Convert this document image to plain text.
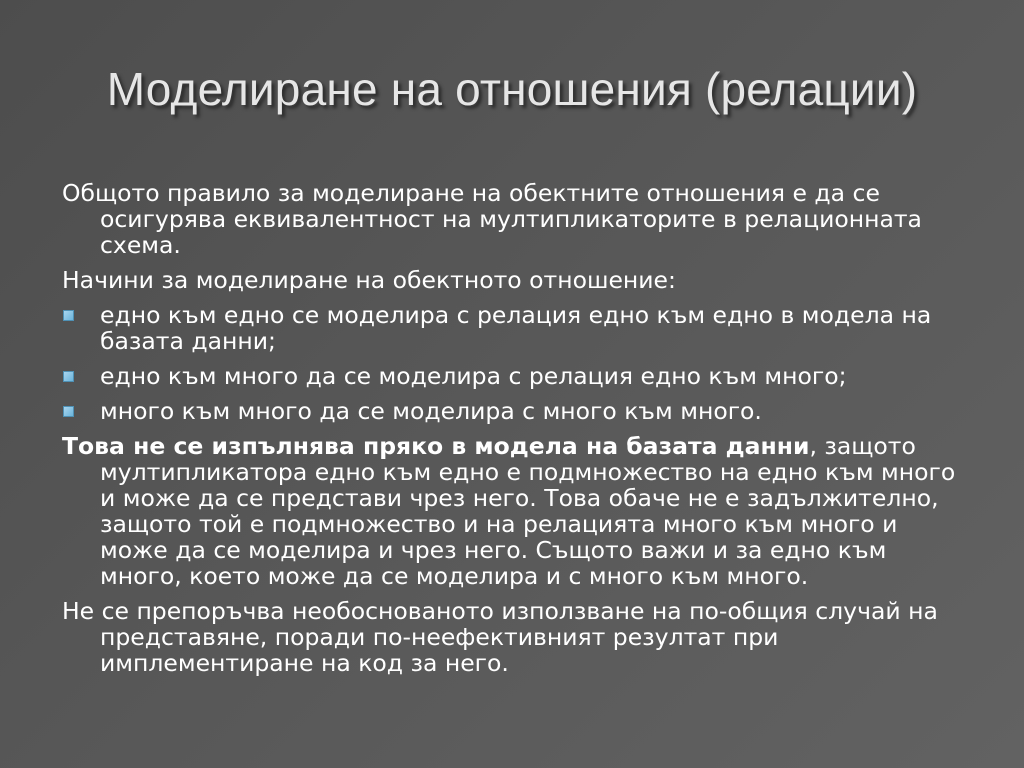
Моделиране на отношения (релации)

Общото правило за моделиране на обектните отношения е да се осигурява еквивалентност на мултипликаторите в релационната схема.

Начини за моделиране на обектното отношение:

едно към едно се моделира с релация едно към едно в модела на базата данни;
едно към много да се моделира с релация едно към много;
много към много да се моделира с много към много.

Това не се изпълнява пряко в модела на базата данни, защото мултипликатора едно към едно е подмножество на едно към много и може да се представи чрез него. Това обаче не е задължително, защото той е подмножество и на релацията много към много и може да се моделира и чрез него. Същото важи и за едно към много, което може да се моделира и с много към много.

Не се препоръчва необоснованото използване на по-общия случай на представяне, поради по-неефективният резултат при имплементиране на код за него.
